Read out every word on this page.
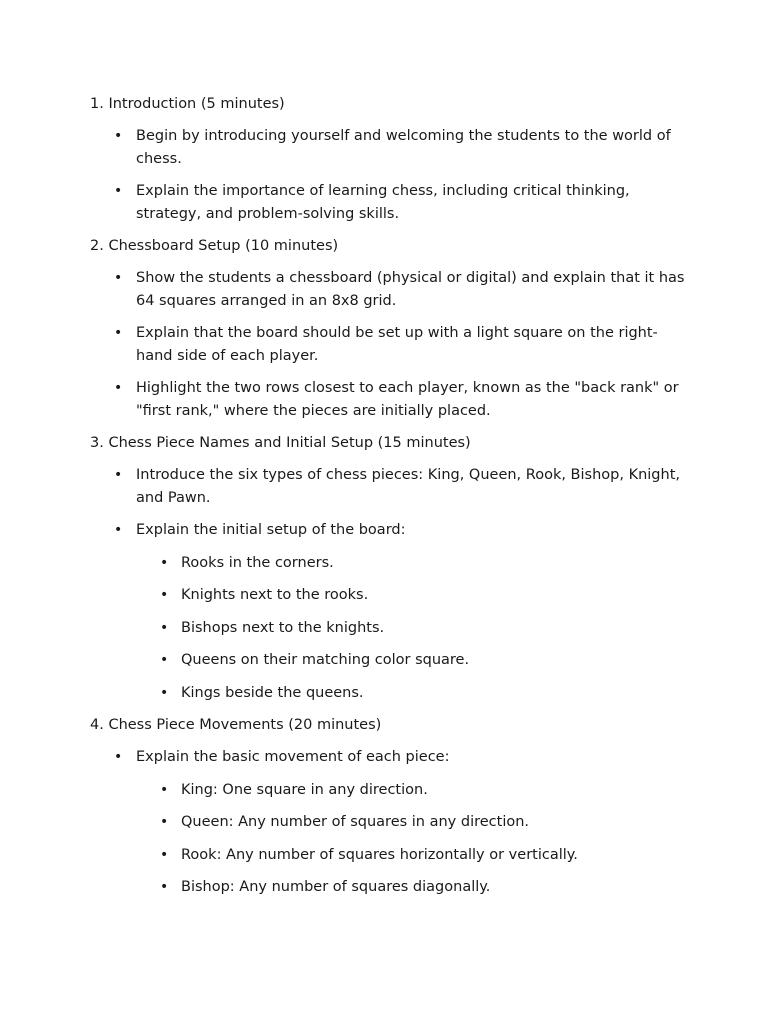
1. Introduction (5 minutes)
• Begin by introducing yourself and welcoming the students to the world of chess.
• Explain the importance of learning chess, including critical thinking, strategy, and problem-solving skills.
2. Chessboard Setup (10 minutes)
• Show the students a chessboard (physical or digital) and explain that it has 64 squares arranged in an 8x8 grid.
• Explain that the board should be set up with a light square on the right-hand side of each player.
• Highlight the two rows closest to each player, known as the "back rank" or "first rank," where the pieces are initially placed.
3. Chess Piece Names and Initial Setup (15 minutes)
• Introduce the six types of chess pieces: King, Queen, Rook, Bishop, Knight, and Pawn.
• Explain the initial setup of the board:
• Rooks in the corners.
• Knights next to the rooks.
• Bishops next to the knights.
• Queens on their matching color square.
• Kings beside the queens.
4. Chess Piece Movements (20 minutes)
• Explain the basic movement of each piece:
• King: One square in any direction.
• Queen: Any number of squares in any direction.
• Rook: Any number of squares horizontally or vertically.
• Bishop: Any number of squares diagonally.
